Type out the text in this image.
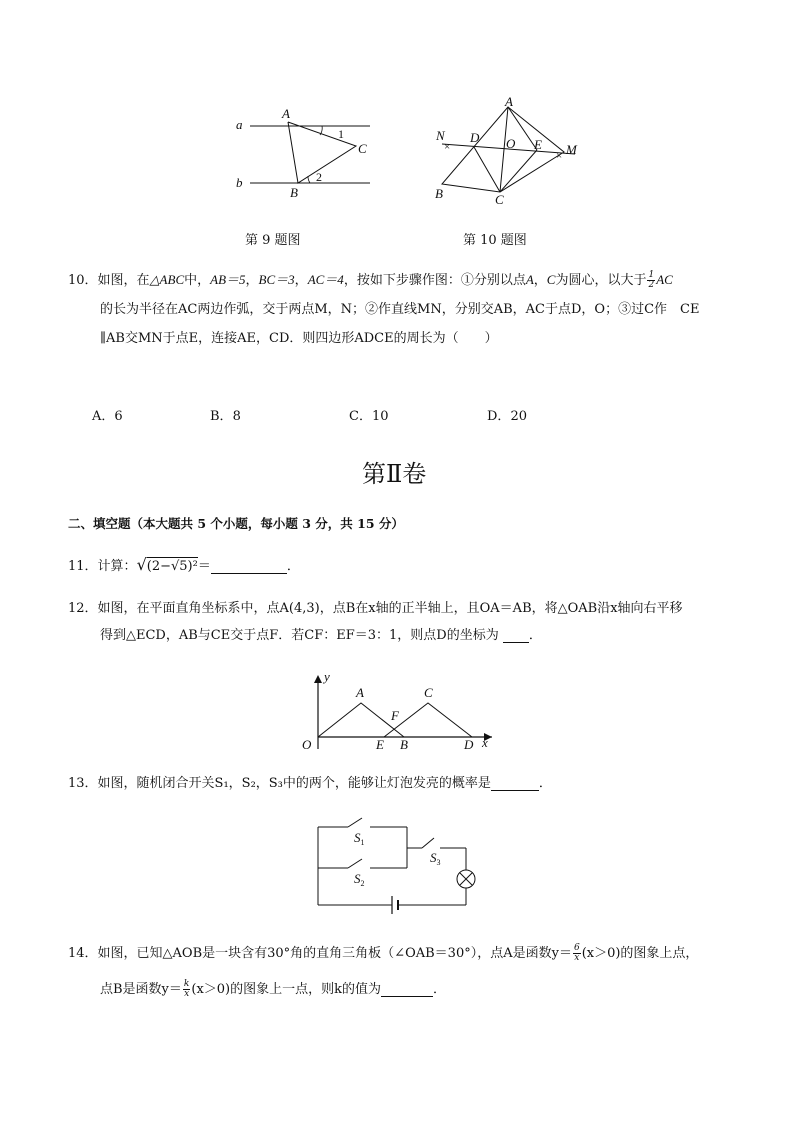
a
b
A
B
C
1
2
第 9 题图
×
×
A
B	C
D	E
O	M
N
第 10 题图
10．如图，在△ABC中，AB＝5，BC＝3，AC＝4，按如下步骤作图：①分别以点A，C为圆心，以大于 $\frac{1}{2}$ AC
的长为半径在AC两边作弧，交于两点M，N；②作直线MN，分别交AB，AC于点D，O；③过C作　CE
∥AB交MN于点E，连接AE，CD．则四边形ADCE的周长为（　　）
A．6	B．8	C．10	D．20
第Ⅱ卷
二、填空题（本大题共 5 个小题，每小题 3 分，共 15 分）
11．计算：√(2−√5)²＝	．
12．如图，在平面直角坐标系中，点A(4,3)，点B在x轴的正半轴上，且OA＝AB，将△OAB沿x轴向右平移
得到△ECD，AB与CE交于点F．若CF：EF＝3：1，则点D的坐标为 ．
y
x
O
A	C
F
E B	D
13．如图，随机闭合开关S₁，S₂，S₃中的两个，能够让灯泡发亮的概率是	．
$S_1$
$S_2$
$S_3$
14．如图，已知△AOB是一块含有30°角的直角三角板（∠OAB＝30°），点A是函数$y= \frac{6}{x} (x>0)$的图象上点，
点B是函数$y= \frac{k}{x} (x>0)$的图象上一点，则k的值为	．
